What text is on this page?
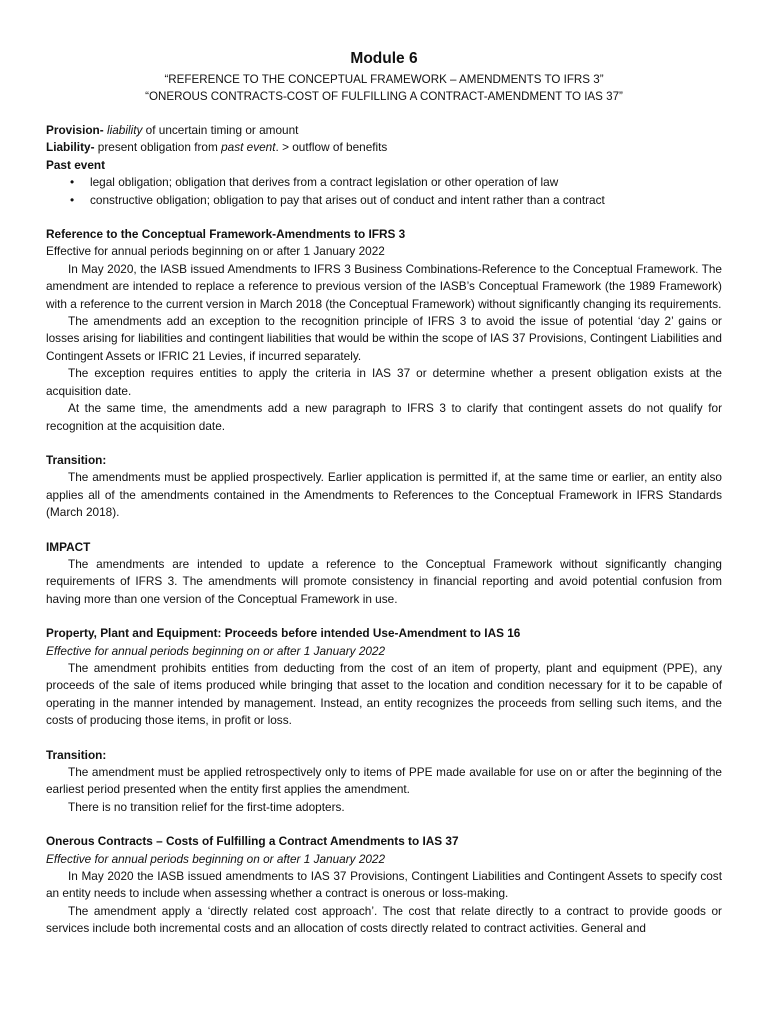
Module 6

“REFERENCE TO THE CONCEPTUAL FRAMEWORK – AMENDMENTS TO IFRS 3”

“ONEROUS CONTRACTS-COST OF FULFILLING A CONTRACT-AMENDMENT TO IAS 37”

Provision- liability of uncertain timing or amount

Liability- present obligation from past event. > outflow of benefits

Past event

• legal obligation; obligation that derives from a contract legislation or other operation of law
• constructive obligation; obligation to pay that arises out of conduct and intent rather than a contract

Reference to the Conceptual Framework-Amendments to IFRS 3

Effective for annual periods beginning on or after 1 January 2022

In May 2020, the IASB issued Amendments to IFRS 3 Business Combinations-Reference to the Conceptual Framework. The amendment are intended to replace a reference to previous version of the IASB’s Conceptual Framework (the 1989 Framework) with a reference to the current version in March 2018 (the Conceptual Framework) without significantly changing its requirements.

The amendments add an exception to the recognition principle of IFRS 3 to avoid the issue of potential ‘day 2’ gains or losses arising for liabilities and contingent liabilities that would be within the scope of IAS 37 Provisions, Contingent Liabilities and Contingent Assets or IFRIC 21 Levies, if incurred separately.

The exception requires entities to apply the criteria in IAS 37 or determine whether a present obligation exists at the acquisition date.

At the same time, the amendments add a new paragraph to IFRS 3 to clarify that contingent assets do not qualify for recognition at the acquisition date.

Transition:

The amendments must be applied prospectively. Earlier application is permitted if, at the same time or earlier, an entity also applies all of the amendments contained in the Amendments to References to the Conceptual Framework in IFRS Standards (March 2018).

IMPACT

The amendments are intended to update a reference to the Conceptual Framework without significantly changing requirements of IFRS 3. The amendments will promote consistency in financial reporting and avoid potential confusion from having more than one version of the Conceptual Framework in use.

Property, Plant and Equipment: Proceeds before intended Use-Amendment to IAS 16

Effective for annual periods beginning on or after 1 January 2022

The amendment prohibits entities from deducting from the cost of an item of property, plant and equipment (PPE), any proceeds of the sale of items produced while bringing that asset to the location and condition necessary for it to be capable of operating in the manner intended by management. Instead, an entity recognizes the proceeds from selling such items, and the costs of producing those items, in profit or loss.

Transition:

The amendment must be applied retrospectively only to items of PPE made available for use on or after the beginning of the earliest period presented when the entity first applies the amendment.

There is no transition relief for the first-time adopters.

Onerous Contracts – Costs of Fulfilling a Contract Amendments to IAS 37

Effective for annual periods beginning on or after 1 January 2022

In May 2020 the IASB issued amendments to IAS 37 Provisions, Contingent Liabilities and Contingent Assets to specify cost an entity needs to include when assessing whether a contract is onerous or loss-making.

The amendment apply a ‘directly related cost approach’. The cost that relate directly to a contract to provide goods or services include both incremental costs and an allocation of costs directly related to contract activities. General and
